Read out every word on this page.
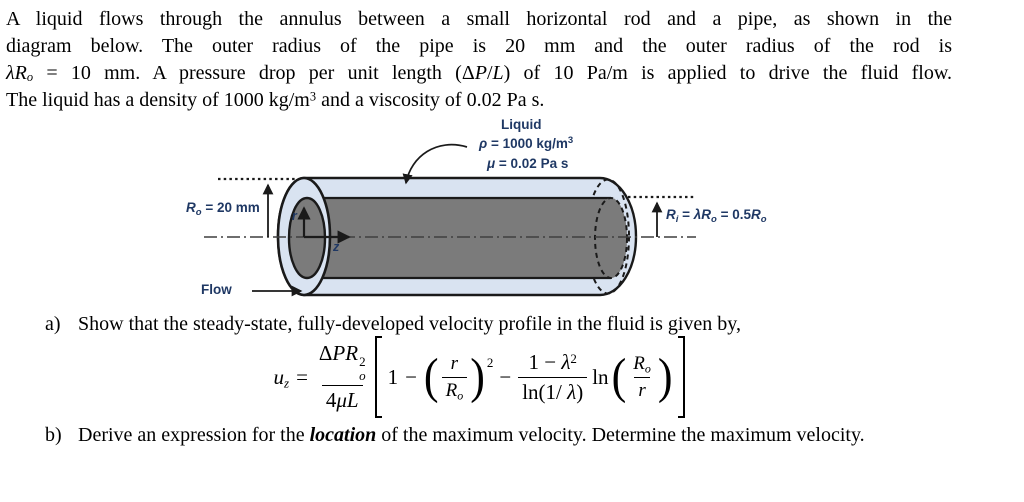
A liquid flows through the annulus between a small horizontal rod and a pipe, as shown in the
diagram below. The outer radius of the pipe is 20 mm and the outer radius of the rod is
$\lambda R_o = 10$ mm. A pressure drop per unit length (ΔP/L) of 10 Pa/m is applied to drive the fluid flow.
The liquid has a density of 1000 $kg/m^3$ and a viscosity of 0.02 Pa s.
Liquid
ρ = 1000 $kg/m^3$
μ = 0.02 Pa s
$R_o = 20$ mm	$R_i = \lambda R_o = 0.5R_o$
Flow
r
z
a) Show that the steady-state, fully-developed velocity profile in the fluid is given by,
$u_z = \Delta PR$ 2
o
4μL 1 − ( $\frac{r}{R_o} )^2$
− $\frac{1 - \lambda^2}{\ln(1/ \lambda)}$ ln ( $\frac{R_o}{r}$ )
b) Derive an expression for the location of the maximum velocity. Determine the maximum velocity.
